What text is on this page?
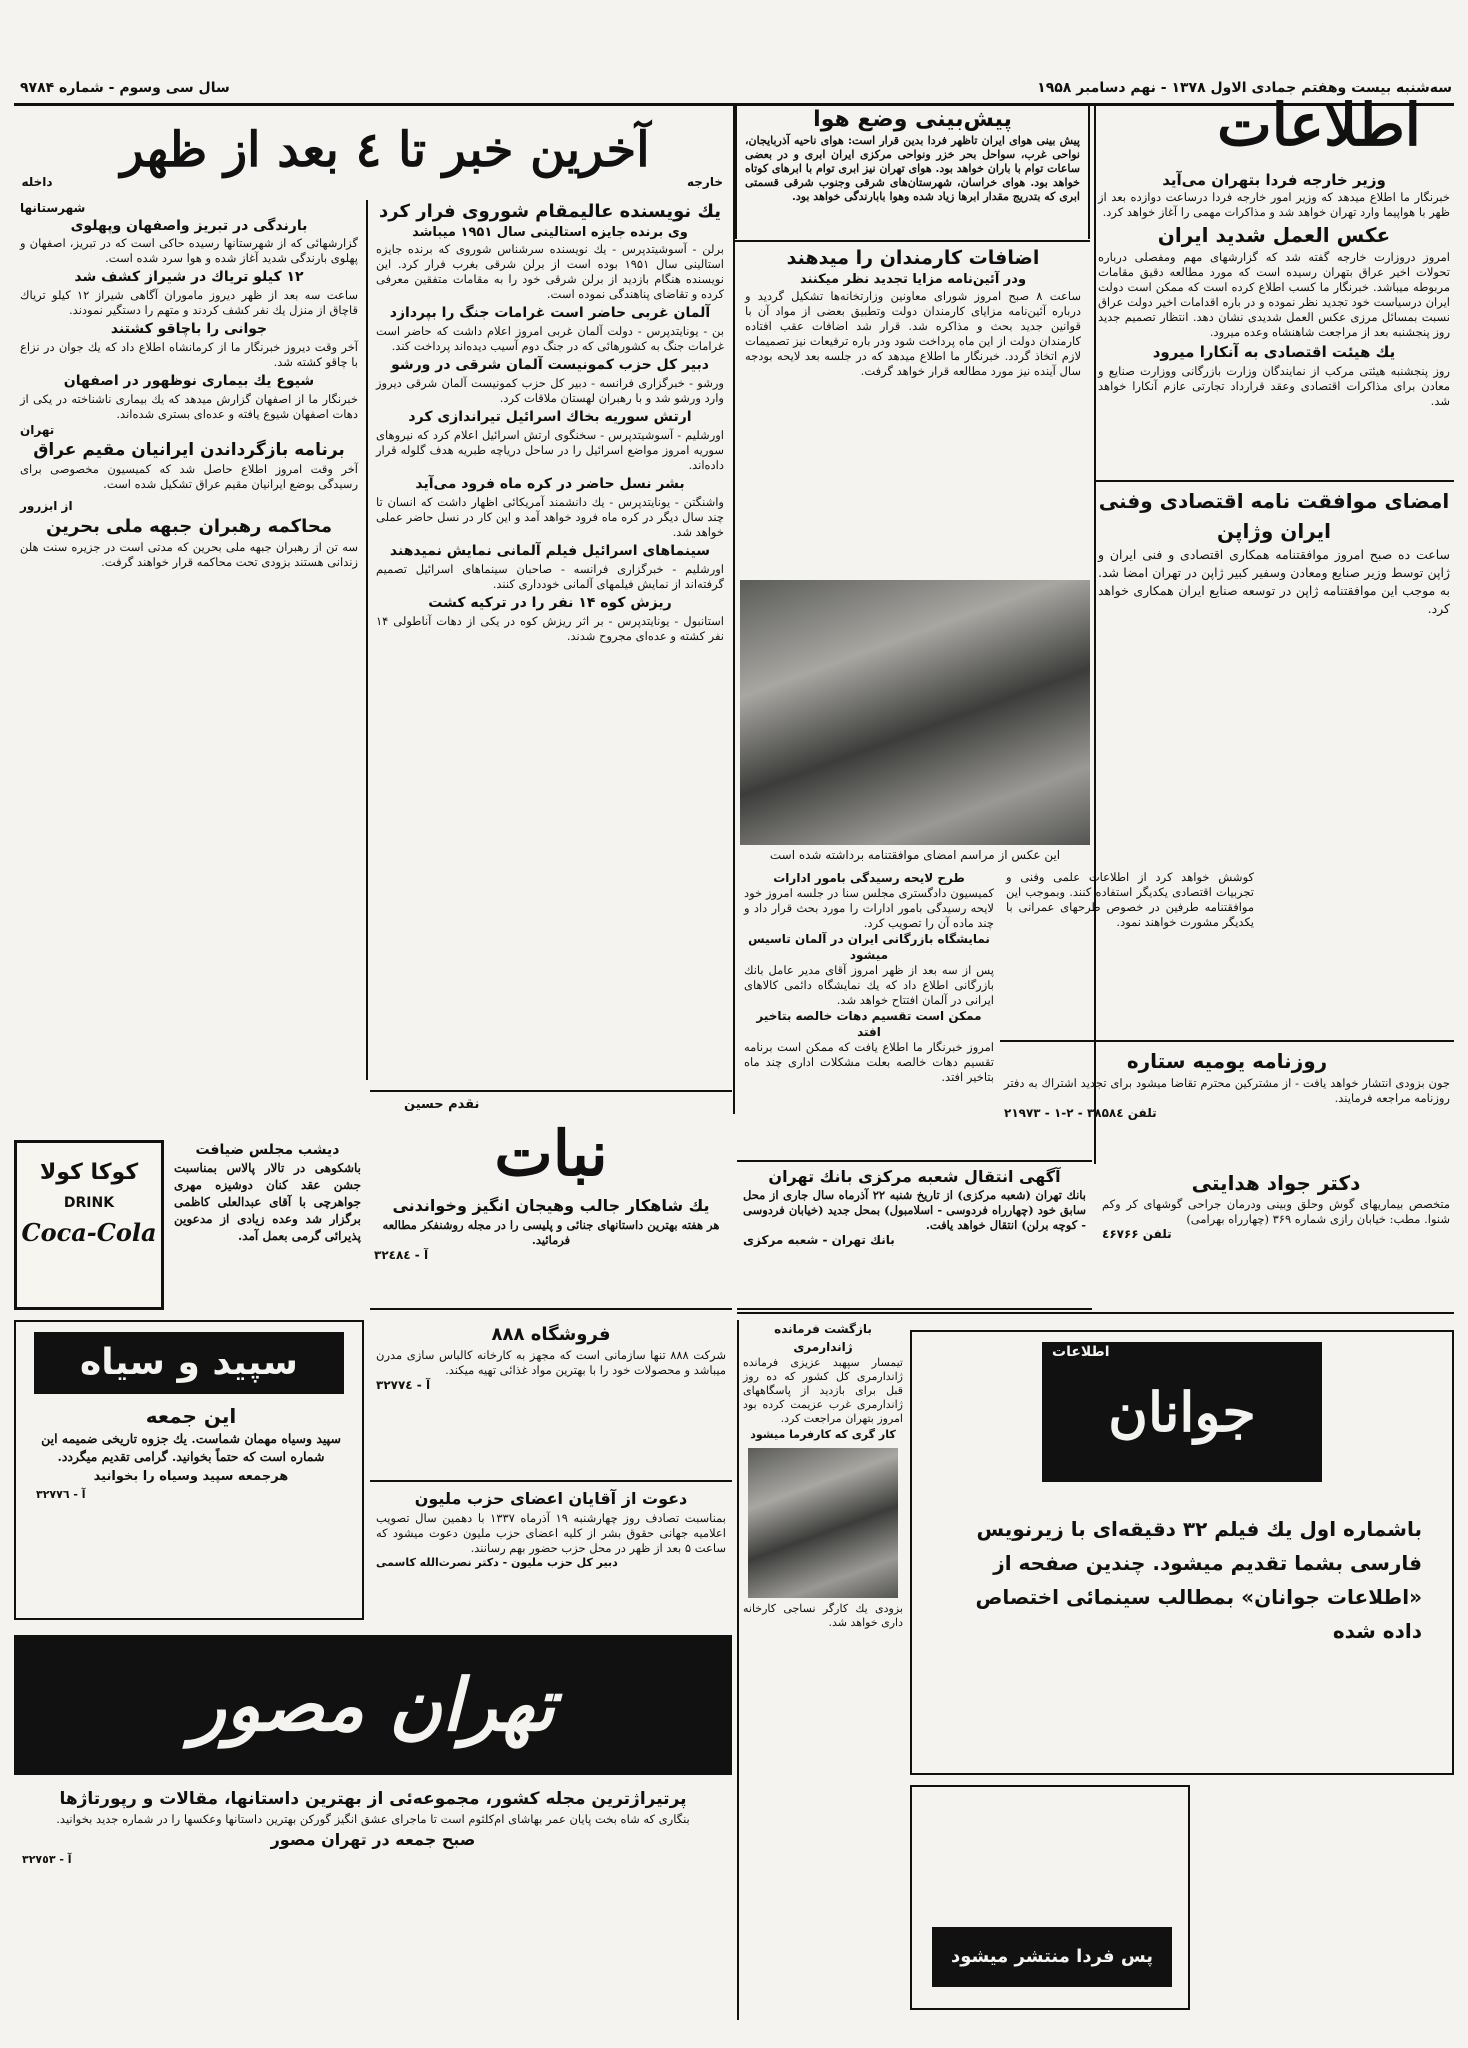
سه‌شنبه بیست وهفتم جمادی الاول ۱۳۷۸ - نهم دسامبر ۱۹۵۸
سال سی وسوم - شماره ۹۷۸۴
اطلاعات
آخرین خبر تا ٤ بعد از ظهر
خارجه
داخله
پیش‌بینی وضع هوا
پیش بینی هوای ایران تاظهر فردا بدین قرار است: هوای ناحیه آذربایجان، نواحی غرب، سواحل بحر خزر ونواحی مرکزی ایران ابری و در بعضی ساعات توام با باران خواهد بود. هوای تهران نیز ابری توام با ابرهای کوتاه خواهد بود. هوای خراسان، شهرستان‌های شرقی وجنوب شرقی قسمتی ابری که بتدریج مقدار ابرها زیاد شده وهوا بابارندگی خواهد بود.
وزیر خارجه فردا بتهران می‌آید
خبرنگار ما اطلاع میدهد که وزیر امور خارجه فردا درساعت دوازده بعد از ظهر با هواپیما وارد تهران خواهد شد و مذاکرات مهمی را آغاز خواهد کرد.
عکس العمل شدید ایران
امروز دروزارت خارجه گفته شد که گزارشهای مهم ومفصلی درباره تحولات اخیر عراق بتهران رسیده است که مورد مطالعه دقیق مقامات مربوطه میباشد. خبرنگار ما کسب اطلاع کرده است که ممکن است دولت ایران درسیاست خود تجدید نظر نموده و در باره اقدامات اخیر دولت عراق نسبت بمسائل مرزی عکس العمل شدیدی نشان دهد. انتظار تصمیم جدید روز پنجشنبه بعد از مراجعت شاهنشاه وعده میرود.
یك هیئت اقتصادی به آنکارا میرود
روز پنجشنبه هیئتی مرکب از نمایندگان وزارت بازرگانی ووزارت صنایع و معادن برای مذاکرات اقتصادی وعقد قرارداد تجارتی عازم آنکارا خواهد شد.
اضافات کارمندان را میدهند
ودر آئین‌نامه مزایا تجدید نظر میکنند
ساعت ۸ صبح امروز شورای معاونین وزارتخانه‌ها تشکیل گردید و درباره آئین‌نامه مزایای کارمندان دولت وتطبیق بعضی از مواد آن با قوانین جدید بحث و مذاکره شد. قرار شد اضافات عقب افتاده کارمندان دولت از این ماه پرداخت شود ودر باره ترفیعات نیز تصمیمات لازم اتخاذ گردد. خبرنگار ما اطلاع میدهد که در جلسه بعد لایحه بودجه سال آینده نیز مورد مطالعه قرار خواهد گرفت.
یك نویسنده عالیمقام شوروی فرار کرد
وی برنده جایزه استالینی سال ۱۹۵۱ میباشد
برلن - آسوشیتدپرس - یك نویسنده سرشناس شوروی که برنده جایزه استالینی سال ۱۹۵۱ بوده است از برلن شرقی بغرب فرار کرد. این نویسنده هنگام بازدید از برلن شرقی خود را به مقامات متفقین معرفی کرده و تقاضای پناهندگی نموده است.
آلمان غربی حاضر است غرامات جنگ را بپردازد
بن - یونایتدپرس - دولت آلمان غربی امروز اعلام داشت که حاضر است غرامات جنگ به کشورهائی که در جنگ دوم آسیب دیده‌اند پرداخت کند.
دبیر کل حزب کمونیست آلمان شرقی در ورشو
ورشو - خبرگزاری فرانسه - دبیر کل حزب کمونیست آلمان شرقی دیروز وارد ورشو شد و با رهبران لهستان ملاقات کرد.
ارتش سوریه بخاك اسرائیل تیراندازی کرد
اورشلیم - آسوشیتدپرس - سخنگوی ارتش اسرائیل اعلام کرد که نیروهای سوریه امروز مواضع اسرائیل را در ساحل دریاچه طبریه هدف گلوله قرار داده‌اند.
بشر نسل حاضر در کره ماه فرود می‌آید
واشنگتن - یونایتدپرس - یك دانشمند آمریکائی اظهار داشت که انسان تا چند سال دیگر در کره ماه فرود خواهد آمد و این کار در نسل حاضر عملی خواهد شد.
سینماهای اسرائیل فیلم آلمانی نمایش نمیدهند
اورشلیم - خبرگزاری فرانسه - صاحبان سینماهای اسرائیل تصمیم گرفته‌اند از نمایش فیلمهای آلمانی خودداری کنند.
ریزش کوه ۱۴ نفر را در ترکیه کشت
استانبول - یونایتدپرس - بر اثر ریزش کوه در یکی از دهات آناطولی ۱۴ نفر کشته و عده‌ای مجروح شدند.
شهرستانها
بارندگی در تبریز واصفهان وپهلوی
گزارشهائی که از شهرستانها رسیده حاکی است که در تبریز، اصفهان و پهلوی بارندگی شدید آغاز شده و هوا سرد شده است.
۱۲ کیلو تریاك در شیراز کشف شد
ساعت سه بعد از ظهر دیروز ماموران آگاهی شیراز ۱۲ کیلو تریاك قاچاق از منزل یك نفر کشف کردند و متهم را دستگیر نمودند.
جوانی را باچاقو کشتند
آخر وقت دیروز خبرنگار ما از کرمانشاه اطلاع داد که یك جوان در نزاع با چاقو کشته شد.
شیوع یك بیماری نوظهور در اصفهان
خبرنگار ما از اصفهان گزارش میدهد که یك بیماری ناشناخته در یکی از دهات اصفهان شیوع یافته و عده‌ای بستری شده‌اند.
تهران
برنامه بازگرداندن ایرانیان مقیم عراق
آخر وقت امروز اطلاع حاصل شد که کمیسیون مخصوصی برای رسیدگی بوضع ایرانیان مقیم عراق تشکیل شده است.
از ابزرور
محاکمه رهبران جبهه ملی بحرین
سه تن از رهبران جبهه ملی بحرین که مدتی است در جزیره سنت هلن زندانی هستند بزودی تحت محاکمه قرار خواهند گرفت.
این عکس از مراسم امضای موافقتنامه برداشته شده است
امضای موافقت نامه اقتصادی وفنی ایران وژاپن
ساعت ده صبح امروز موافقتنامه همکاری اقتصادی و فنی ایران و ژاپن توسط وزیر صنایع ومعادن وسفیر کبیر ژاپن در تهران امضا شد. به موجب این موافقتنامه ژاپن در توسعه صنایع ایران همکاری خواهد کرد.
کوشش خواهد کرد از اطلاعات علمی وفنی و تجربیات اقتصادی یکدیگر استفاده کنند. وبموجب این موافقتنامه طرفین در خصوص طرحهای عمرانی با یکدیگر مشورت خواهند نمود.
روزنامه یومیه ستاره
جون بزودی انتشار خواهد یافت - از مشترکین محترم تقاضا میشود برای تجدید اشتراك به دفتر روزنامه مراجعه فرمایند.
تلفن ۳۸۵۸٤ - ۲-۱ - ۲۱۹۷۳
طرح لایحه رسیدگی بامور ادارات
کمیسیون دادگستری مجلس سنا در جلسه امروز خود لایحه رسیدگی بامور ادارات را مورد بحث قرار داد و چند ماده آن را تصویب کرد.
نمایشگاه بازرگانی ایران در آلمان تاسیس میشود
پس از سه بعد از ظهر امروز آقای مدیر عامل بانك بازرگانی اطلاع داد که یك نمایشگاه دائمی کالاهای ایرانی در آلمان افتتاح خواهد شد.
ممکن است تقسیم دهات خالصه بتاخیر افتد
امروز خبرنگار ما اطلاع یافت که ممکن است برنامه تقسیم دهات خالصه بعلت مشکلات اداری چند ماه بتاخیر افتد.
آگهی انتقال شعبه مرکزی بانك تهران
بانك تهران (شعبه مرکزی) از تاریخ شنبه ۲۲ آذرماه سال جاری از محل سابق خود (چهارراه فردوسی - اسلامبول) بمحل جدید (خیابان فردوسی - کوچه برلن) انتقال خواهد یافت.
بانك تهران - شعبه مرکزی
دکتر جواد هدایتی
متخصص بیماریهای گوش وحلق وبینی ودرمان جراحی گوشهای کر وکم شنوا. مطب: خیابان رازی شماره ۳۶۹ (چهارراه بهرامی)
تلفن ٤۶۷۶۶
کوکا کولا
DRINK
Coca-Cola
دیشب مجلس ضیافت
باشکوهی در تالار پالاس بمناسبت جشن عقد کنان دوشیزه مهری جواهرچی با آقای عبدالعلی کاظمی برگزار شد وعده زیادی از مدعوین پذیرائی گرمی بعمل آمد.
نقدم حسین
نبات
یك شاهکار جالب وهیجان انگیز وخواندنی
هر هفته بهترین داستانهای جنائی و پلیسی را در مجله روشنفکر مطالعه فرمائید.
آ - ۳۲٤۸٤
سپید و سیاه
این جمعه
سپید وسیاه مهمان شماست. یك جزوه تاریخی ضمیمه این شماره است که حتماً بخوانید. گرامی تقدیم میگردد.
هرجمعه سپید وسیاه را بخوانید
آ - ۳۲۷۷٦
فروشگاه ۸۸۸
شرکت ۸۸۸ تنها سازمانی است که مجهز به کارخانه کالباس سازی مدرن میباشد و محصولات خود را با بهترین مواد غذائی تهیه میکند.
آ - ۳۲۷۷٤
دعوت از آقایان اعضای حزب ملیون
بمناسبت تصادف روز چهارشنبه ۱۹ آذرماه ۱۳۳۷ با دهمین سال تصویب اعلامیه جهانی حقوق بشر از کلیه اعضای حزب ملیون دعوت میشود که ساعت ۵ بعد از ظهر در محل حزب حضور بهم رسانند.
دبیر کل حزب ملیون - دکتر نصرت‌الله کاسمی
بازگشت فرمانده ژاندارمری
تیمسار سپهبد عزیزی فرمانده ژاندارمری کل کشور که ده روز قبل برای بازدید از پاسگاههای ژاندارمری غرب عزیمت کرده بود امروز بتهران مراجعت کرد.
کار گری که کارفرما میشود
بزودی یك کارگر نساجی کارخانه داری خواهد شد.
اطلاعات
جوانان
باشماره اول یك فیلم ۳۲ دقیقه‌ای با زیرنویس فارسی بشما تقدیم میشود. چندین صفحه از «اطلاعات جوانان» بمطالب سینمائی اختصاص داده شده
پس فردا منتشر میشود
تهران مصور
پرتیراژترین مجله کشور، مجموعه‌ئی از بهترین داستانها، مقالات و رپورتاژها
بنگاری که شاه بخت پایان عمر بهاشای ام‌کلثوم است تا ماجرای عشق انگیز گورکن بهترین داستانها وعکسها را در شماره جدید بخوانید.
صبح جمعه در تهران مصور
آ - ۳۲۷٥٣
